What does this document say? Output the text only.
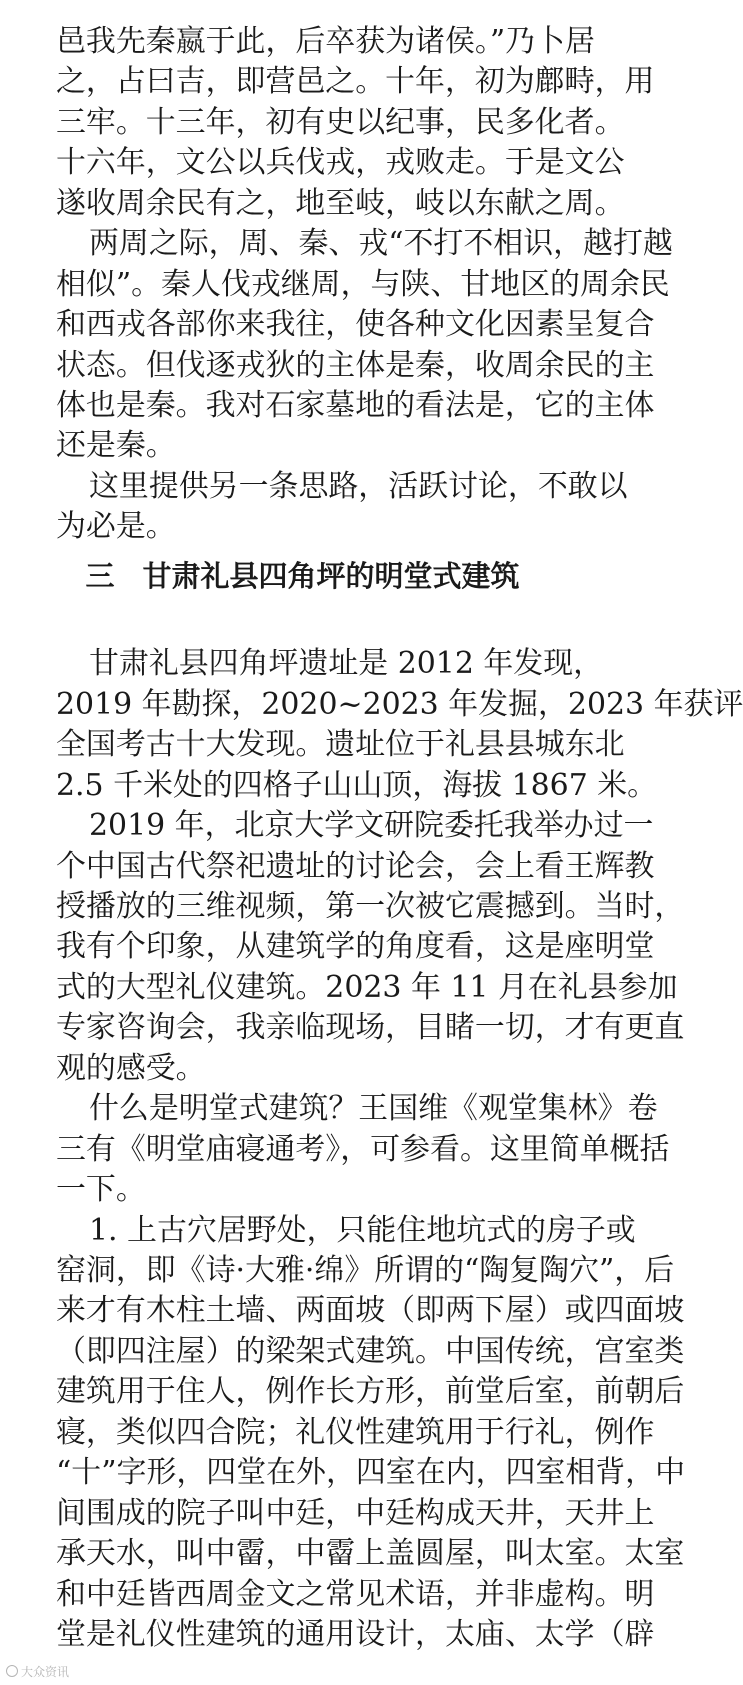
邑我先秦嬴于此，后卒获为诸侯。”乃卜居
之，占曰吉，即营邑之。十年，初为鄜畤，用
三牢。十三年，初有史以纪事，民多化者。
十六年，文公以兵伐戎，戎败走。于是文公
遂收周余民有之，地至岐，岐以东献之周。
两周之际，周、秦、戎“不打不相识，越打越
相似”。秦人伐戎继周，与陕、甘地区的周余民
和西戎各部你来我往，使各种文化因素呈复合
状态。但伐逐戎狄的主体是秦，收周余民的主
体也是秦。我对石家墓地的看法是，它的主体
还是秦。
这里提供另一条思路，活跃讨论，不敢以
为必是。
三 甘肃礼县四角坪的明堂式建筑
甘肃礼县四角坪遗址是 2012 年发现，
2019 年勘探，2020~2023 年发掘，2023 年获评
全国考古十大发现。遗址位于礼县县城东北
2.5 千米处的四格子山山顶，海拔 1867 米。
2019 年，北京大学文研院委托我举办过一
个中国古代祭祀遗址的讨论会，会上看王辉教
授播放的三维视频，第一次被它震撼到。当时，
我有个印象，从建筑学的角度看，这是座明堂
式的大型礼仪建筑。2023 年 11 月在礼县参加
专家咨询会，我亲临现场，目睹一切，才有更直
观的感受。
什么是明堂式建筑？王国维《观堂集林》卷
三有《明堂庙寝通考》，可参看。这里简单概括
一下。
1. 上古穴居野处，只能住地坑式的房子或
窑洞，即《诗·大雅·绵》所谓的“陶复陶穴”，后
来才有木柱土墙、两面坡（即两下屋）或四面坡
（即四注屋）的梁架式建筑。中国传统，宫室类
建筑用于住人，例作长方形，前堂后室，前朝后
大众资讯
寝，类似四合院；礼仪性建筑用于行礼，例作
“十”字形，四堂在外，四室在内，四室相背，中
间围成的院子叫中廷，中廷构成天井，天井上
承天水，叫中霤，中霤上盖圆屋，叫太室。太室
和中廷皆西周金文之常见术语，并非虚构。明
堂是礼仪性建筑的通用设计，太庙、太学（辟
